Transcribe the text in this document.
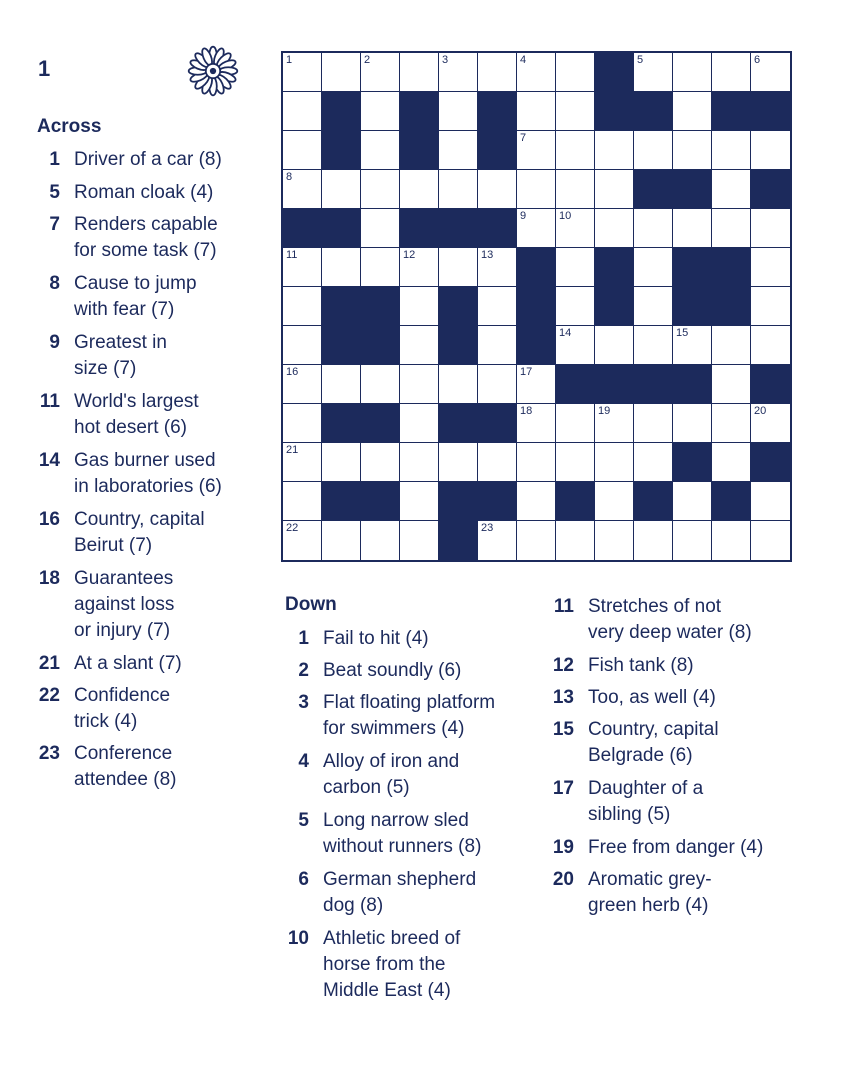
1
Across
1 Driver of a car (8)
5 Roman cloak (4)
7 Renders capable
for some task (7)
8 Cause to jump
with fear (7)
9 Greatest in
size (7)
11 World's largest
hot desert (6)
14 Gas burner used
in laboratories (6)
16 Country, capital
Beirut (7)
18 Guarantees
against loss
or injury (7)
21 At a slant (7)
22 Confidence
trick (4)
23 Conference
attendee (8)
Down
1 Fail to hit (4)
2 Beat soundly (6)
3 Flat floating platform
for swimmers (4)
4 Alloy of iron and
carbon (5)
5 Long narrow sled
without runners (8)
6 German shepherd
dog (8)
10 Athletic breed of
horse from the
Middle East (4)
11 Stretches of not
very deep water (8)
12 Fish tank (8)
13 Too, as well (4)
15 Country, capital
Belgrade (6)
17 Daughter of a
sibling (5)
19 Free from danger (4)
20 Aromatic grey-
green herb (4)
1	2	3	4	5	6
7
8
9	10
11	12	13
14	15
16	17
18	19	20
21
22	23
